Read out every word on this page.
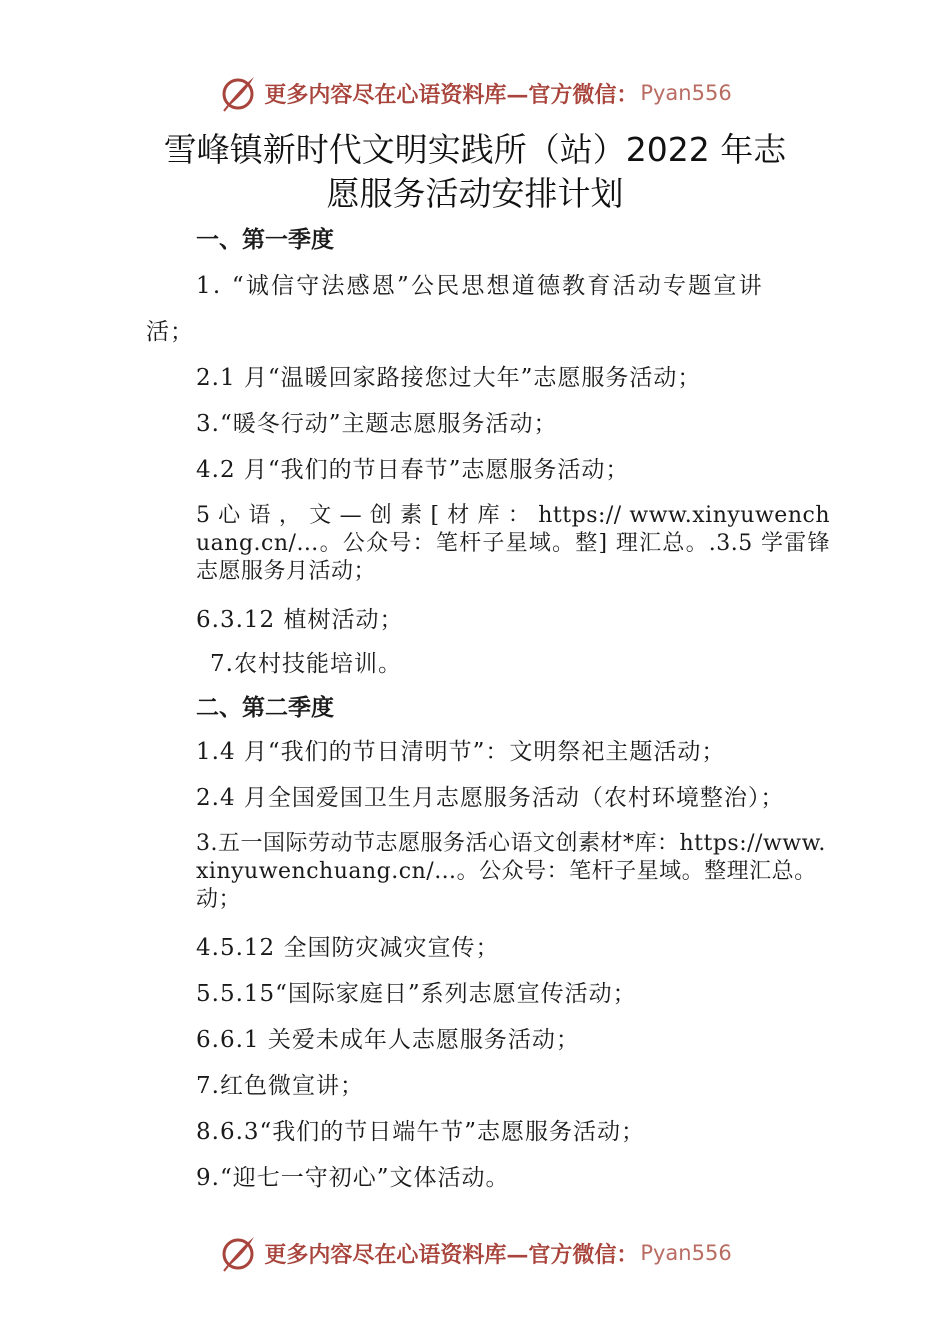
更多内容尽在心语资料库—官方微信： Pyan556
雪峰镇新时代文明实践所（站）2022 年志
愿服务活动安排计划
一、第一季度
1. “诚信守法感恩”公民思想道德教育活动专题宣讲
活；
2.1 月“温暖回家路接您过大年”志愿服务活动；
3.“暖冬行动”主题志愿服务活动；
4.2 月“我们的节日春节”志愿服务活动；
5 心 语 ， 文 — 创 素 [ 材 库 ： https:// www.xinyuwenchuang.cn/…。公众号：笔杆子星域。整] 理汇总。.3.5 学雷锋志愿服务月活动；
6.3.12 植树活动；
7.农村技能培训。
二、第二季度
1.4 月“我们的节日清明节”：文明祭祀主题活动；
2.4 月全国爱国卫生月志愿服务活动（农村环境整治）；
3.五一国际劳动节志愿服务活心语文创素材*库：https://www.xinyuwenchuang.cn/…。公众号：笔杆子星域。整理汇总。动；
4.5.12 全国防灾减灾宣传；
5.5.15“国际家庭日”系列志愿宣传活动；
6.6.1 关爱未成年人志愿服务活动；
7.红色微宣讲；
8.6.3“我们的节日端午节”志愿服务活动；
9.“迎七一守初心”文体活动。
更多内容尽在心语资料库—官方微信： Pyan556
